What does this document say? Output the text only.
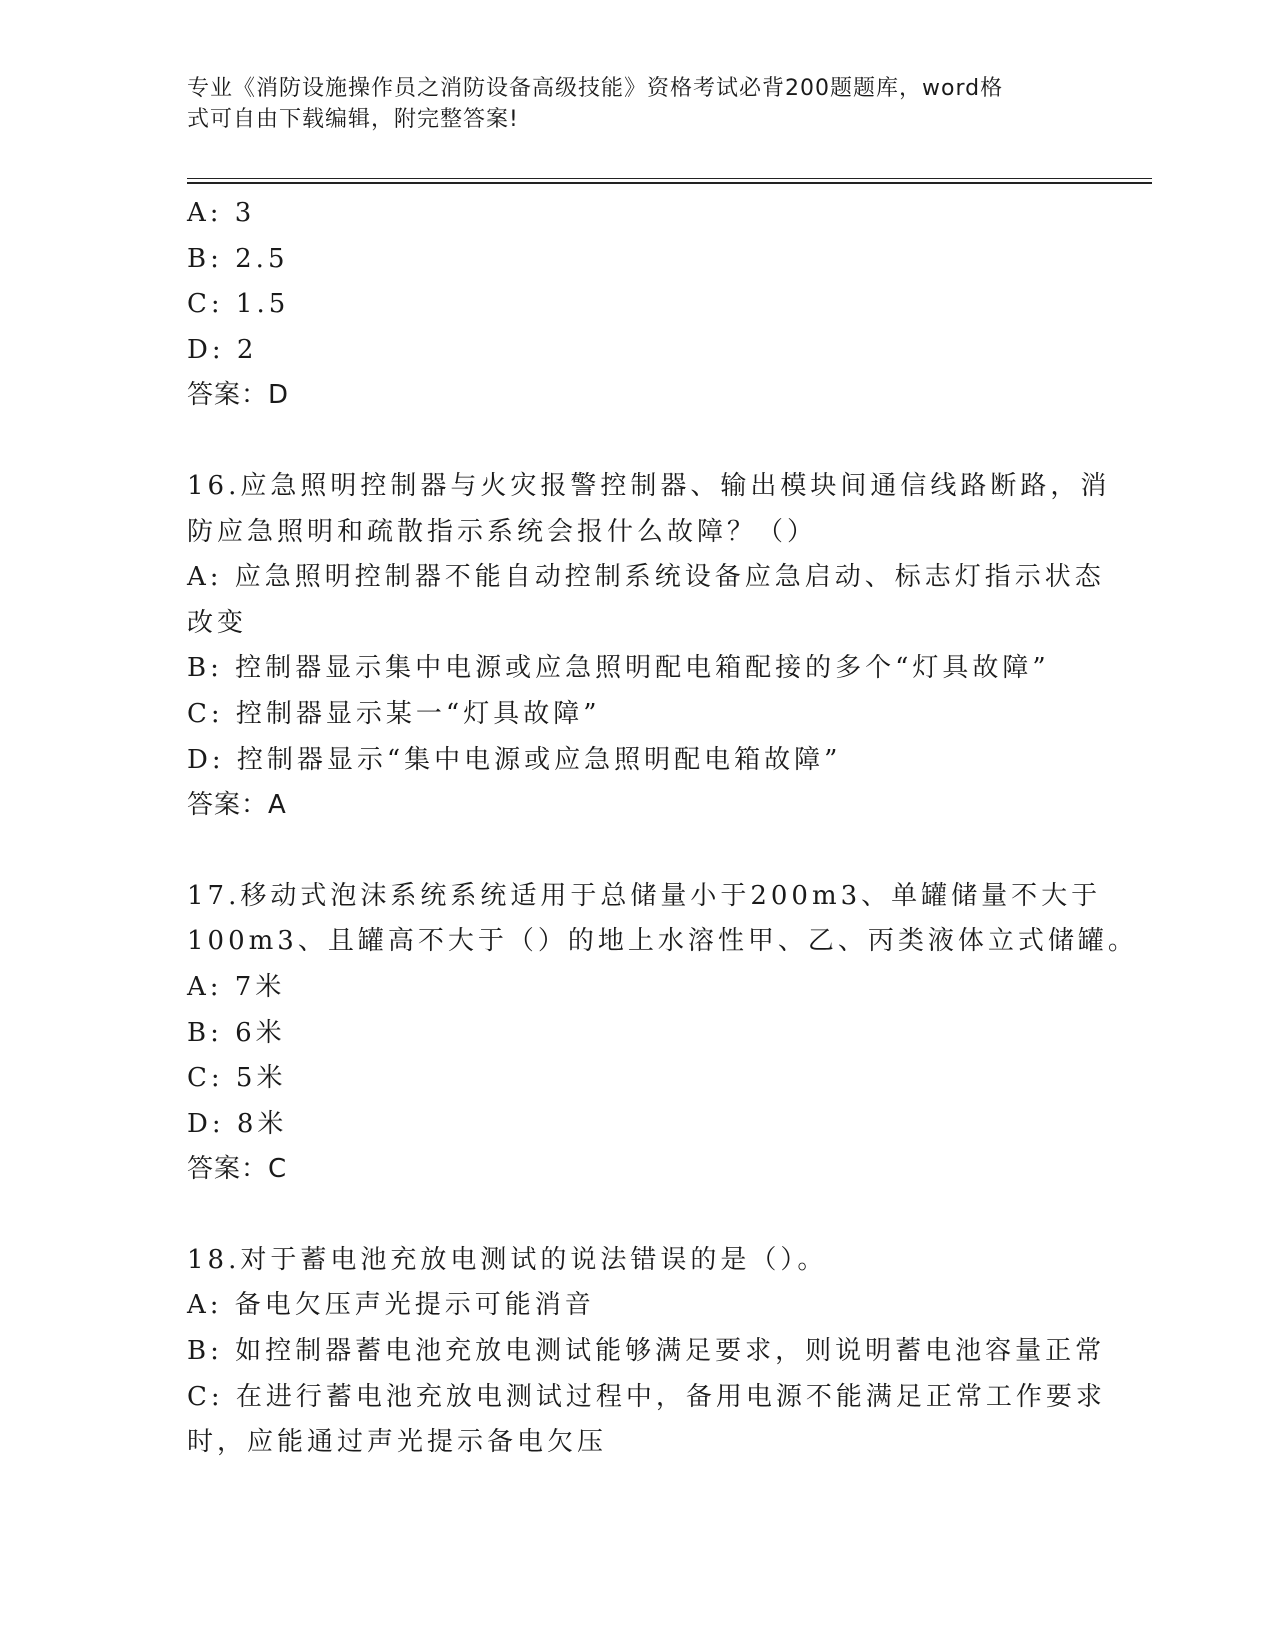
专业《消防设施操作员之消防设备高级技能》资格考试必背200题题库，word格
式可自由下载编辑，附完整答案!
A: 3
B: 2.5
C: 1.5
D: 2
答案：D
16.应急照明控制器与火灾报警控制器、输出模块间通信线路断路，消
防应急照明和疏散指示系统会报什么故障？（）
A: 应急照明控制器不能自动控制系统设备应急启动、标志灯指示状态
改变
B: 控制器显示集中电源或应急照明配电箱配接的多个“灯具故障”
C: 控制器显示某一“灯具故障”
D: 控制器显示“集中电源或应急照明配电箱故障”
答案：A
17.移动式泡沫系统系统适用于总储量小于200m3、单罐储量不大于
100m3、且罐高不大于（）的地上水溶性甲、乙、丙类液体立式储罐。
A: 7米
B: 6米
C: 5米
D: 8米
答案：C
18.对于蓄电池充放电测试的说法错误的是（）。
A: 备电欠压声光提示可能消音
B: 如控制器蓄电池充放电测试能够满足要求，则说明蓄电池容量正常
C: 在进行蓄电池充放电测试过程中，备用电源不能满足正常工作要求
时，应能通过声光提示备电欠压
